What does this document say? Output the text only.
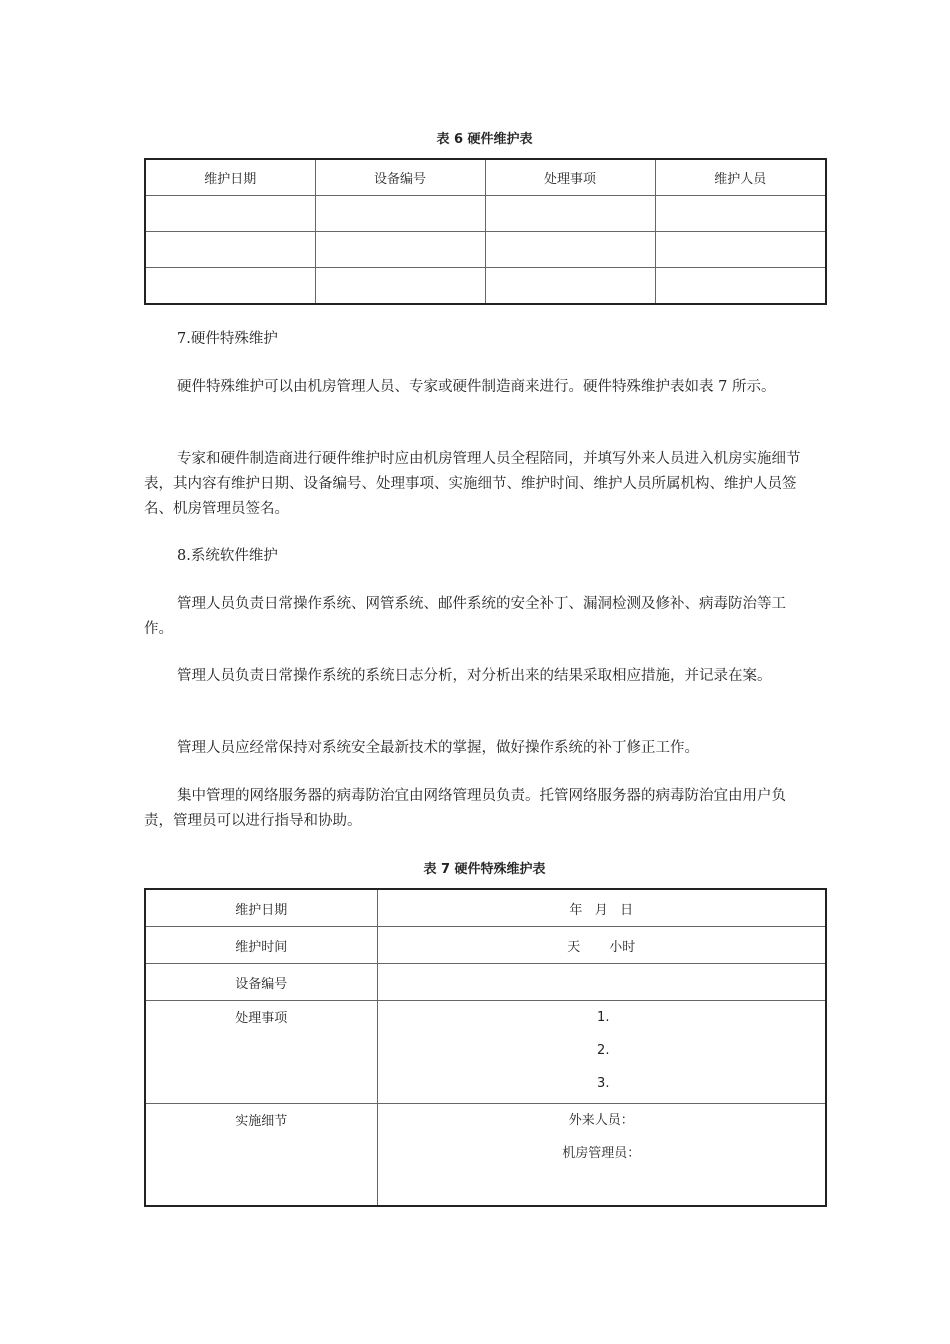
表 6 硬件维护表
维护日期	设备编号	处理事项	维护人员

7.硬件特殊维护

硬件特殊维护可以由机房管理人员、专家或硬件制造商来进行。硬件特殊维护表如表 7 所示。

专家和硬件制造商进行硬件维护时应由机房管理人员全程陪同，并填写外来人员进入机房实施细节表，其内容有维护日期、设备编号、处理事项、实施细节、维护时间、维护人员所属机构、维护人员签名、机房管理员签名。

8.系统软件维护

管理人员负责日常操作系统、网管系统、邮件系统的安全补丁、漏洞检测及修补、病毒防治等工作。

管理人员负责日常操作系统的系统日志分析，对分析出来的结果采取相应措施，并记录在案。

管理人员应经常保持对系统安全最新技术的掌握，做好操作系统的补丁修正工作。

集中管理的网络服务器的病毒防治宜由网络管理员负责。托管网络服务器的病毒防治宜由用户负责，管理员可以进行指导和协助。

表 7 硬件特殊维护表
维护日期	年   月   日
维护时间	天       小时
设备编号	
处理事项	1.
2.
3.

实施细节	外来人员：
机房管理员：
